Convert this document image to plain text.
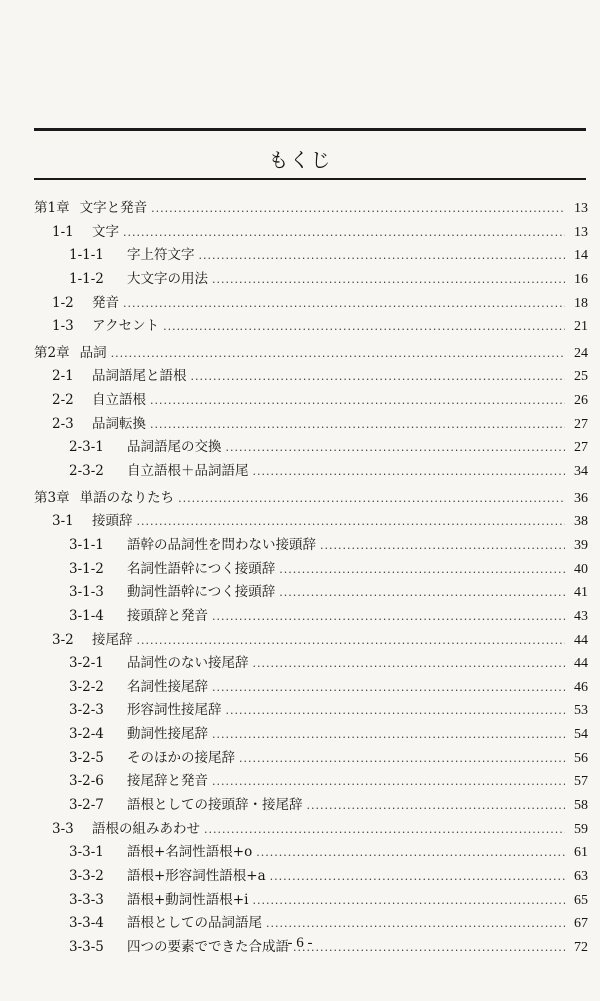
もくじ
第1章 文字と発音 .....	13
1-1	文字 .....	13
1-1-1	字上符文字 .....	14
1-1-2	大文字の用法 .....	16
1-2	発音 .....	18
1-3	アクセント .....	21
第2章 品詞 .....	24
2-1	品詞語尾と語根 .....	25
2-2	自立語根 .....	26
2-3	品詞転換 .....	27
2-3-1	品詞語尾の交換 .....	27
2-3-2	自立語根＋品詞語尾 .....	34
第3章 単語のなりたち .....	36
3-1	接頭辞 .....	38
3-1-1	語幹の品詞性を問わない接頭辞 .....	39
3-1-2	名詞性語幹につく接頭辞 .....	40
3-1-3	動詞性語幹につく接頭辞 .....	41
3-1-4	接頭辞と発音 .....	43
3-2	接尾辞 .....	44
3-2-1	品詞性のない接尾辞 .....	44
3-2-2	名詞性接尾辞 .....	46
3-2-3	形容詞性接尾辞 .....	53
3-2-4	動詞性接尾辞 .....	54
3-2-5	そのほかの接尾辞 .....	56
3-2-6	接尾辞と発音 .....	57
3-2-7	語根としての接頭辞・接尾辞 .....	58
3-3	語根の組みあわせ .....	59
3-3-1	語根+名詞性語根+o .....	61
3-3-2	語根+形容詞性語根+a .....	63
3-3-3	語根+動詞性語根+i .....	65
3-3-4	語根としての品詞語尾 .....	67
3-3-5	四つの要素でできた合成語 .....	72
- 6 -
